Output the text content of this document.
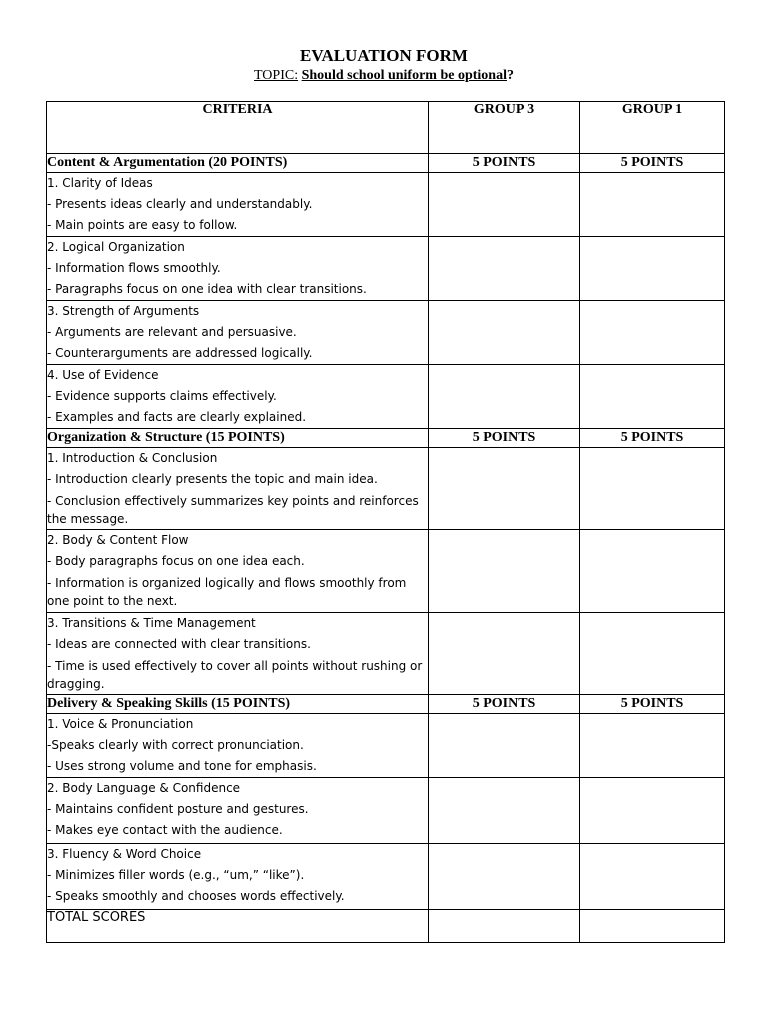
EVALUATION FORM
TOPIC: Should school uniform be optional?
CRITERIA	GROUP 3	GROUP 1
Content & Argumentation (20 POINTS)	5 POINTS	5 POINTS

1. Clarity of Ideas
- Presents ideas clearly and understandably.
- Main points are easy to follow.		

2. Logical Organization
- Information flows smoothly.
- Paragraphs focus on one idea with clear transitions.		

3. Strength of Arguments
- Arguments are relevant and persuasive.
- Counterarguments are addressed logically.		

4. Use of Evidence
- Evidence supports claims effectively.
- Examples and facts are clearly explained.		

Organization & Structure (15 POINTS)	5 POINTS	5 POINTS

1. Introduction & Conclusion
- Introduction clearly presents the topic and main idea.
- Conclusion effectively summarizes key points and reinforces the message.		

2. Body & Content Flow
- Body paragraphs focus on one idea each.
- Information is organized logically and flows smoothly from one point to the next.		

3. Transitions & Time Management
- Ideas are connected with clear transitions.
- Time is used effectively to cover all points without rushing or dragging.		

Delivery & Speaking Skills (15 POINTS)	5 POINTS	5 POINTS

1. Voice & Pronunciation
-Speaks clearly with correct pronunciation.
- Uses strong volume and tone for emphasis.		

2. Body Language & Confidence
- Maintains confident posture and gestures.
- Makes eye contact with the audience.		

3. Fluency & Word Choice
- Minimizes filler words (e.g., “um,” “like”).
- Speaks smoothly and chooses words effectively.		

TOTAL SCORES		
